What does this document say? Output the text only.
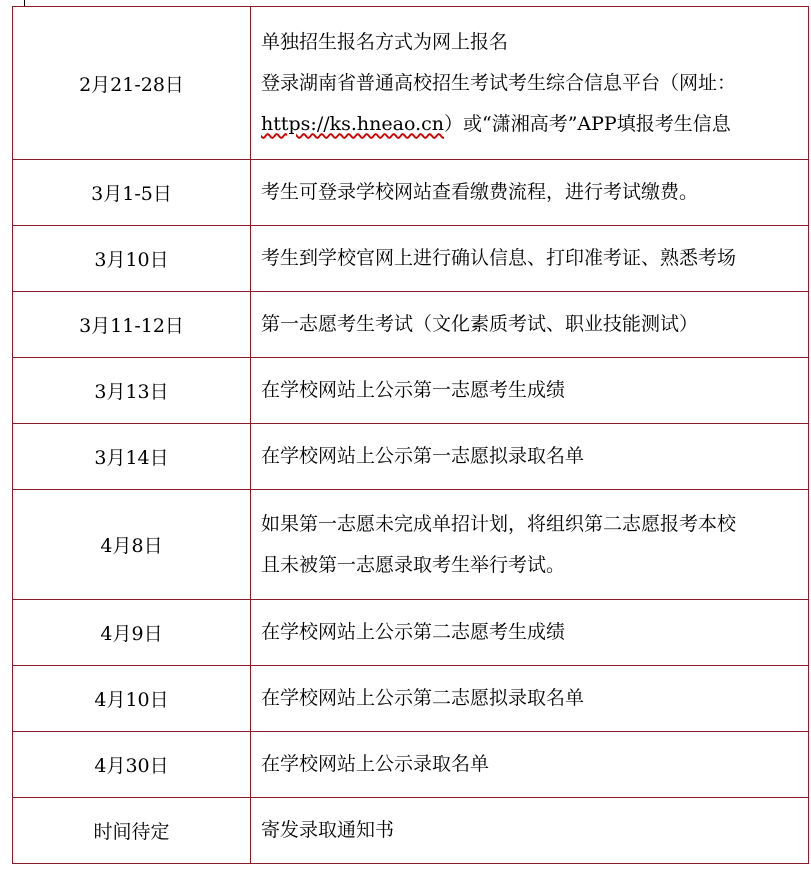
2月21-28日	单独招生报名方式为网上报名
登录湖南省普通高校招生考试考生综合信息平台（网址：
https://ks.hneao.cn）或“潇湘高考”APP填报考生信息

3月1-5日	考生可登录学校网站查看缴费流程，进行考试缴费。

3月10日	考生到学校官网上进行确认信息、打印准考证、熟悉考场

3月11-12日	第一志愿考生考试（文化素质考试、职业技能测试）

3月13日	在学校网站上公示第一志愿考生成绩

3月14日	在学校网站上公示第一志愿拟录取名单

4月8日	如果第一志愿未完成单招计划，将组织第二志愿报考本校
且未被第一志愿录取考生举行考试。

4月9日	在学校网站上公示第二志愿考生成绩

4月10日	在学校网站上公示第二志愿拟录取名单

4月30日	在学校网站上公示录取名单

时间待定	寄发录取通知书
